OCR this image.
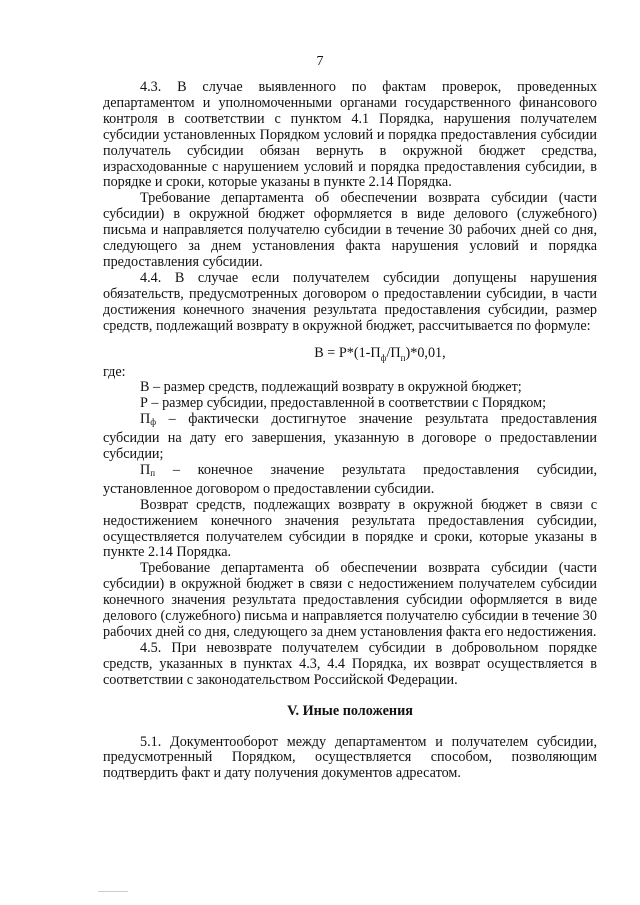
7

4.3. В случае выявленного по фактам проверок, проведенных департаментом и уполномоченными органами государственного финансового контроля в соответствии с пунктом 4.1 Порядка, нарушения получателем субсидии установленных Порядком условий и порядка предоставления субсидии получатель субсидии обязан вернуть в окружной бюджет средства, израсходованные с нарушением условий и порядка предоставления субсидии, в порядке и сроки, которые указаны в пункте 2.14 Порядка.

Требование департамента об обеспечении возврата субсидии (части субсидии) в окружной бюджет оформляется в виде делового (служебного) письма и направляется получателю субсидии в течение 30 рабочих дней со дня, следующего за днем установления факта нарушения условий и порядка предоставления субсидии.

4.4. В случае если получателем субсидии допущены нарушения обязательств, предусмотренных договором о предоставлении субсидии, в части достижения конечного значения результата предоставления субсидии, размер средств, подлежащий возврату в окружной бюджет, рассчитывается по формуле:

$В = Р*(1-П_ф/П_п)*0,01$,

где:

В – размер средств, подлежащий возврату в окружной бюджет;

Р – размер субсидии, предоставленной в соответствии с Порядком;

Пф – фактически достигнутое значение результата предоставления субсидии на дату его завершения, указанную в договоре о предоставлении субсидии;

Пп – конечное значение результата предоставления субсидии, установленное договором о предоставлении субсидии.

Возврат средств, подлежащих возврату в окружной бюджет в связи с недостижением конечного значения результата предоставления субсидии, осуществляется получателем субсидии в порядке и сроки, которые указаны в пункте 2.14 Порядка.

Требование департамента об обеспечении возврата субсидии (части субсидии) в окружной бюджет в связи с недостижением получателем субсидии конечного значения результата предоставления субсидии оформляется в виде делового (служебного) письма и направляется получателю субсидии в течение 30 рабочих дней со дня, следующего за днем установления факта его недостижения.

4.5. При невозврате получателем субсидии в добровольном порядке средств, указанных в пунктах 4.3, 4.4 Порядка, их возврат осуществляется в соответствии с законодательством Российской Федерации.

V. Иные положения

5.1. Документооборот между департаментом и получателем субсидии, предусмотренный Порядком, осуществляется способом, позволяющим подтвердить факт и дату получения документов адресатом.
